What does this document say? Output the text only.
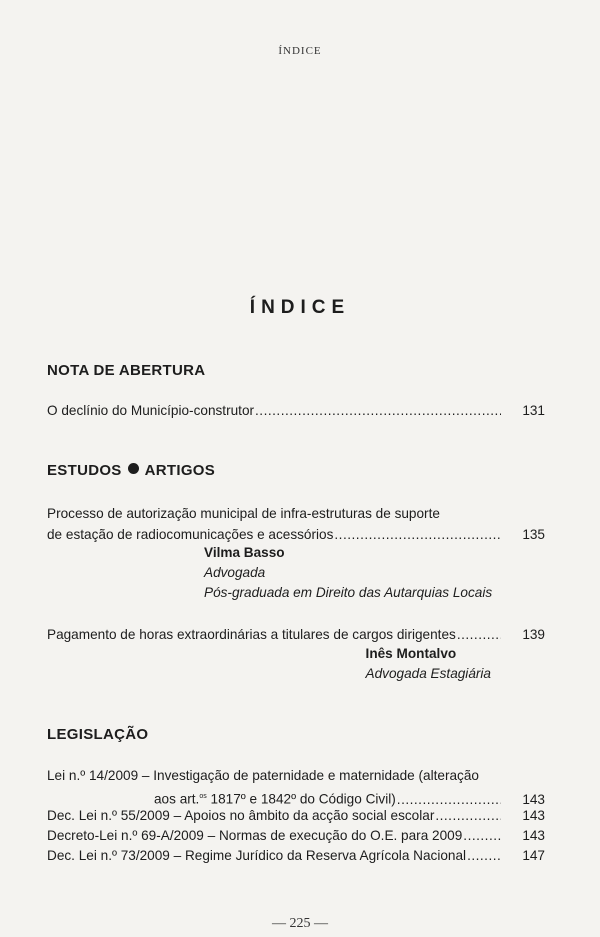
ÍNDICE
ÍNDICE
NOTA DE ABERTURA
O declínio do Município-construtor .....	131
ESTUDOS ARTIGOS
Processo de autorização municipal de infra-estruturas de suporte
de estação de radiocomunicações e acessórios .....	135
Vilma Basso
Advogada
Pós-graduada em Direito das Autarquias Locais
Pagamento de horas extraordinárias a titulares de cargos dirigentes .....	139
Inês Montalvo
Advogada Estagiária
LEGISLAÇÃO
Lei n.º 14/2009 – Investigação de paternidade e maternidade (alteração
aos art.$^{os}$ 1817º e 1842º do Código Civil) .....	143
Dec. Lei n.º 55/2009 – Apoios no âmbito da acção social escolar .....	143
Decreto-Lei n.º 69-A/2009 – Normas de execução do O.E. para 2009 .....	143
Dec. Lei n.º 73/2009 – Regime Jurídico da Reserva Agrícola Nacional .....	147
— 225 —
